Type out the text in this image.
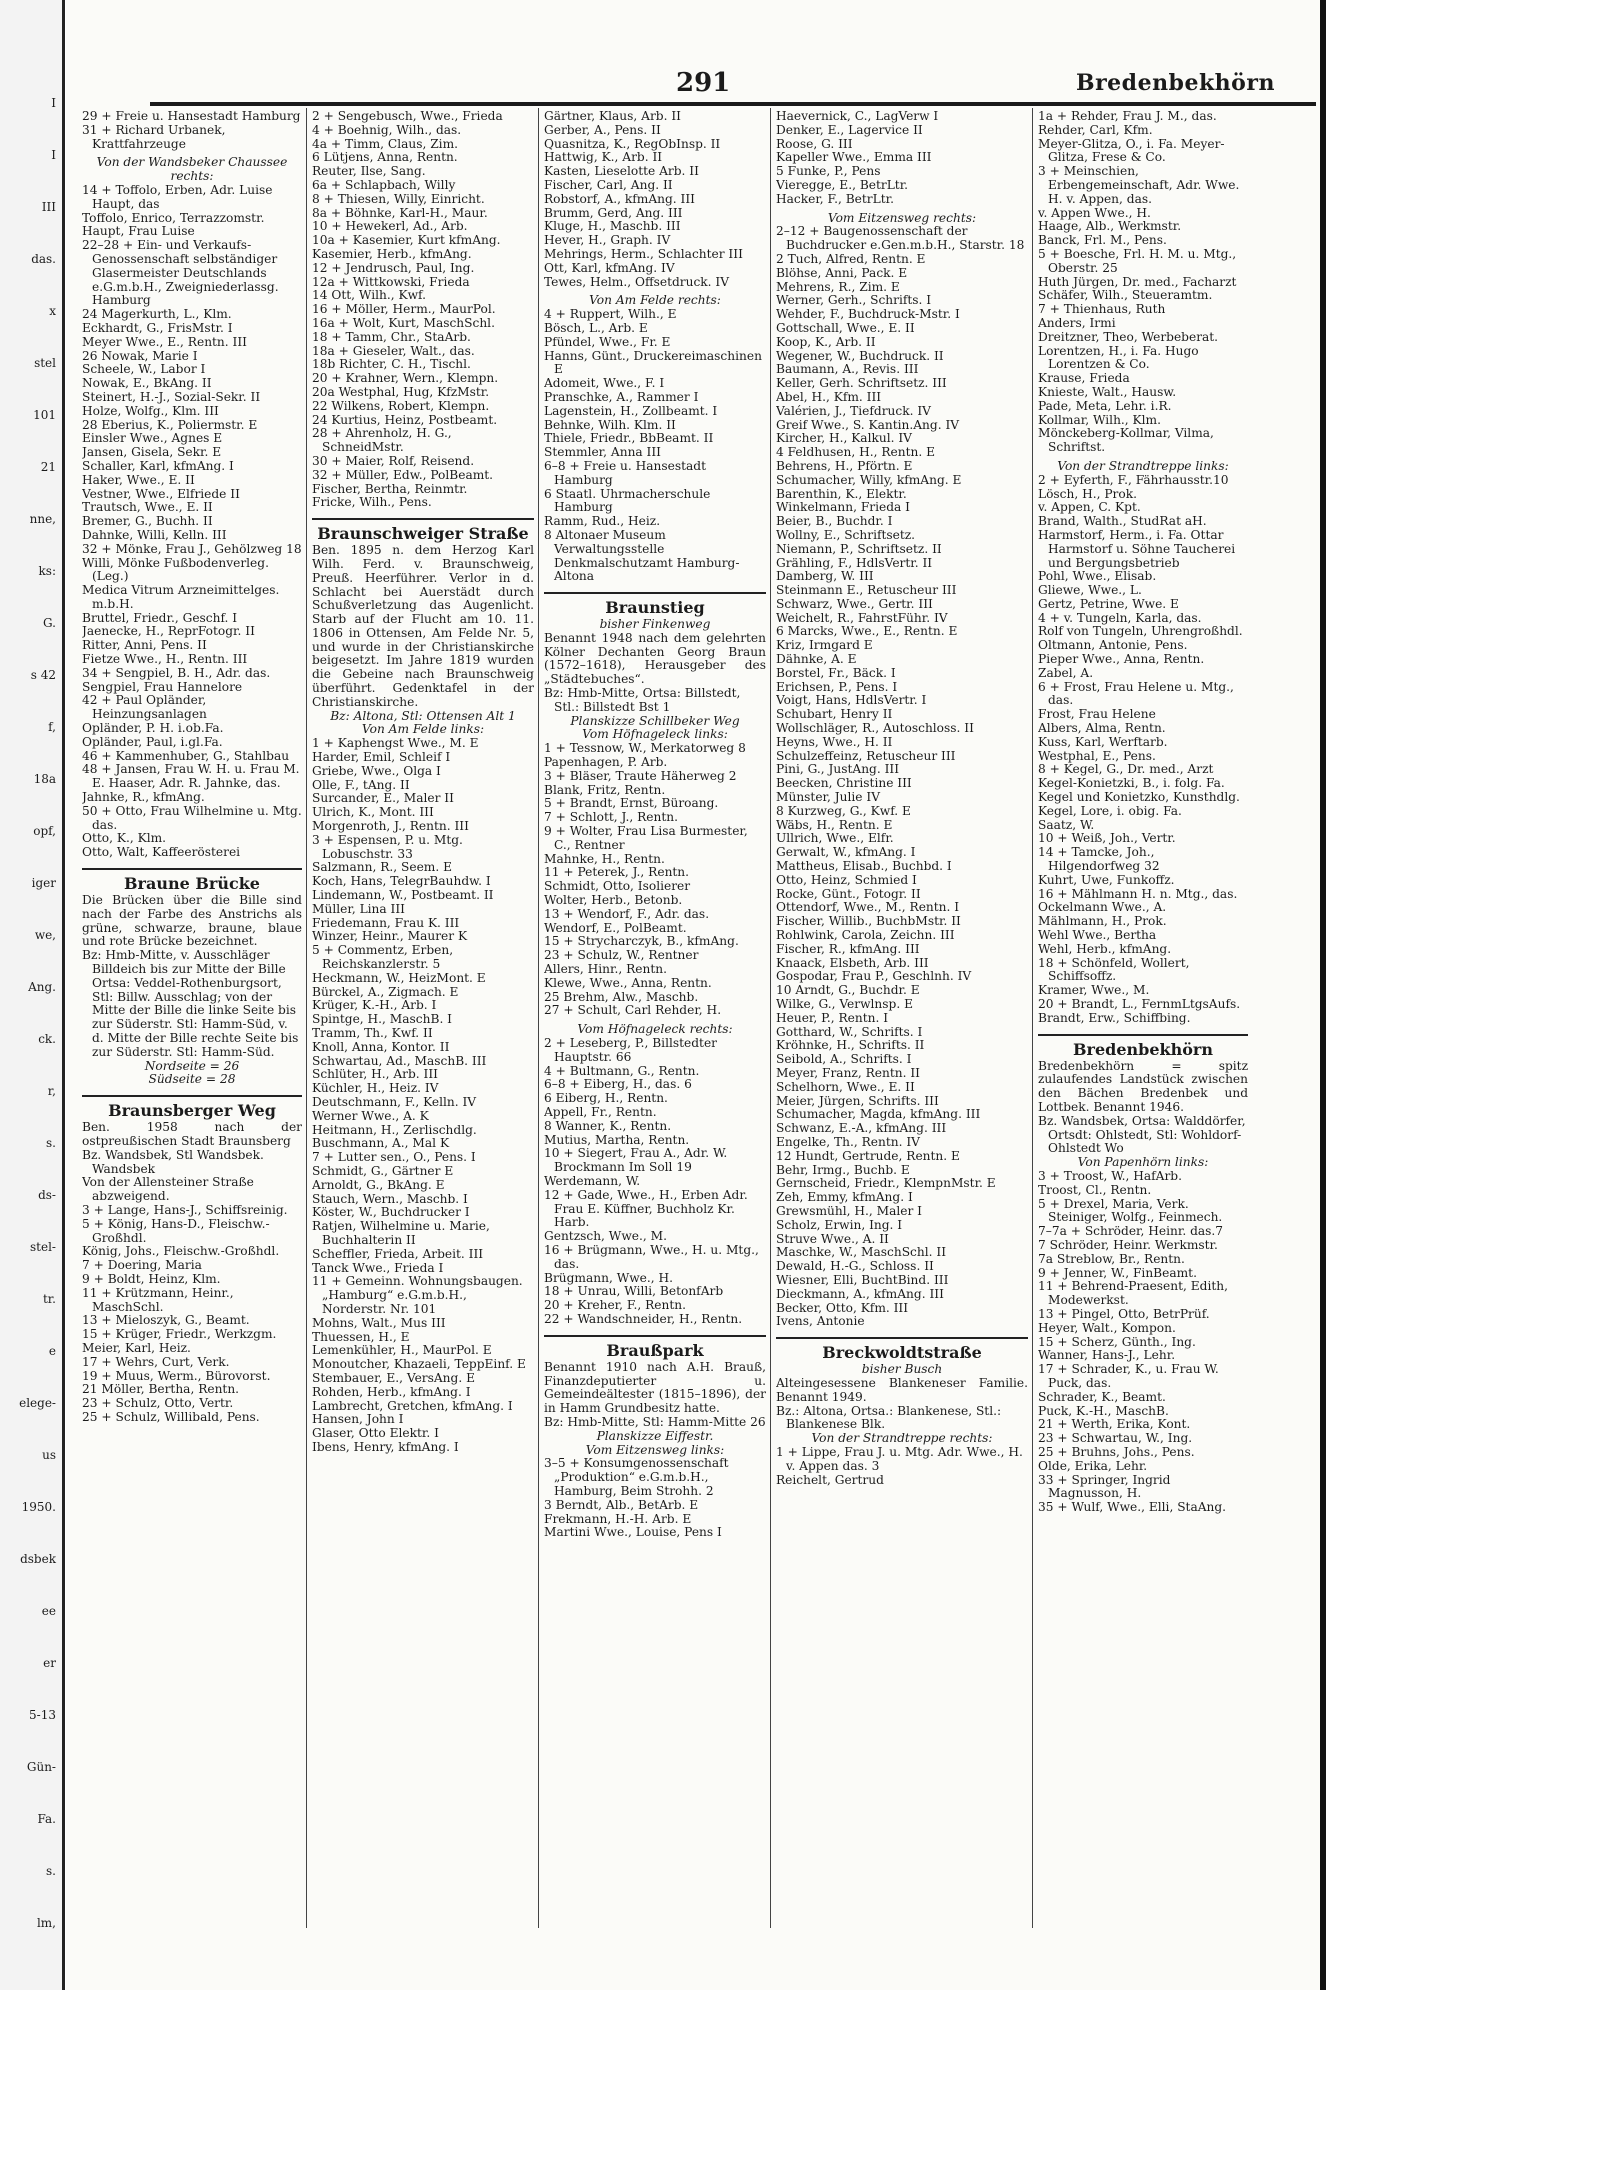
I
I
III
das.
x
stel
101
21
nne,
ks:
G.
s 42
f,
18a
opf,
iger
we,
Ang.
ck.
r,
s.
ds-
stel-
tr.
e
elege-
us
1950.
dsbek
ee
er
5-13
Gün-
Fa.
s.
lm,
291	Bredenbekhörn
29 + Freie u. Hansestadt Hamburg
31 + Richard Urbanek, Krattfahrzeuge
Von der Wandsbeker Chaussee rechts:
14 + Toffolo, Erben, Adr. Luise Haupt, das
Toffolo, Enrico, Terrazzomstr.
Haupt, Frau Luise
22–28 + Ein- und Verkaufs-Genossenschaft selbständiger Glasermeister Deutschlands e.G.m.b.H., Zweigniederlassg. Hamburg
24 Magerkurth, L., Klm.
Eckhardt, G., FrisMstr. I
Meyer Wwe., E., Rentn. III
26 Nowak, Marie I
Scheele, W., Labor I
Nowak, E., BkAng. II
Steinert, H.-J., Sozial-Sekr. II
Holze, Wolfg., Klm. III
28 Eberius, K., Poliermstr. E
Einsler Wwe., Agnes E
Jansen, Gisela, Sekr. E
Schaller, Karl, kfmAng. I
Haker, Wwe., E. II
Vestner, Wwe., Elfriede II
Trautsch, Wwe., E. II
Bremer, G., Buchh. II
Dahnke, Willi, Kelln. III
32 + Mönke, Frau J., Gehölzweg 18
Willi, Mönke Fußbodenverleg. (Leg.)
Medica Vitrum Arzneimittelges. m.b.H.
Bruttel, Friedr., Geschf. I
Jaenecke, H., ReprFotogr. II
Ritter, Anni, Pens. II
Fietze Wwe., H., Rentn. III
34 + Sengpiel, B. H., Adr. das.
Sengpiel, Frau Hannelore
42 + Paul Opländer, Heinzungsanlagen
Opländer, P. H. i.ob.Fa.
Opländer, Paul, i.gl.Fa.
46 + Kammenhuber, G., Stahlbau
48 + Jansen, Frau W. H. u. Frau M. E. Haaser, Adr. R. Jahnke, das.
Jahnke, R., kfmAng.
50 + Otto, Frau Wilhelmine u. Mtg. das.
Otto, K., Klm.
Otto, Walt, Kaffeerösterei
Braune Brücke
Die Brücken über die Bille sind nach der Farbe des Anstrichs als grüne, schwarze, braune, blaue und rote Brücke bezeichnet.
Bz: Hmb-Mitte, v. Ausschläger Billdeich bis zur Mitte der Bille Ortsa: Veddel-Rothenburgsort, Stl: Billw. Ausschlag; von der Mitte der Bille die linke Seite bis zur Süderstr. Stl: Hamm-Süd, v. d. Mitte der Bille rechte Seite bis zur Süderstr. Stl: Hamm-Süd.
Nordseite = 26
Südseite = 28
Braunsberger Weg
Ben. 1958 nach der ostpreußischen Stadt Braunsberg
Bz. Wandsbek, Stl Wandsbek. Wandsbek
Von der Allensteiner Straße abzweigend.
3 + Lange, Hans-J., Schiffsreinig.
5 + König, Hans-D., Fleischw.-Großhdl.
König, Johs., Fleischw.-Großhdl.
7 + Doering, Maria
9 + Boldt, Heinz, Klm.
11 + Krützmann, Heinr., MaschSchl.
13 + Mieloszyk, G., Beamt.
15 + Krüger, Friedr., Werkzgm.
Meier, Karl, Heiz.
17 + Wehrs, Curt, Verk.
19 + Muus, Werm., Bürovorst.
21 Möller, Bertha, Rentn.
23 + Schulz, Otto, Vertr.
25 + Schulz, Willibald, Pens.
2 + Sengebusch, Wwe., Frieda
4 + Boehnig, Wilh., das.
4a + Timm, Claus, Zim.
6 Lütjens, Anna, Rentn.
Reuter, Ilse, Sang.
6a + Schlapbach, Willy
8 + Thiesen, Willy, Einricht.
8a + Böhnke, Karl-H., Maur.
10 + Hewekerl, Ad., Arb.
10a + Kasemier, Kurt kfmAng.
Kasemier, Herb., kfmAng.
12 + Jendrusch, Paul, Ing.
12a + Wittkowski, Frieda
14 Ott, Wilh., Kwf.
16 + Möller, Herm., MaurPol.
16a + Wolt, Kurt, MaschSchl.
18 + Tamm, Chr., StaArb.
18a + Gieseler, Walt., das.
18b Richter, C. H., Tischl.
20 + Krahner, Wern., Klempn.
20a Westphal, Hug, KfzMstr.
22 Wilkens, Robert, Klempn.
24 Kurtius, Heinz, Postbeamt.
28 + Ahrenholz, H. G., SchneidMstr.
30 + Maier, Rolf, Reisend.
32 + Müller, Edw., PolBeamt.
Fischer, Bertha, Reinmtr.
Fricke, Wilh., Pens.
Braunschweiger Straße
Ben. 1895 n. dem Herzog Karl Wilh. Ferd. v. Braunschweig, Preuß. Heerführer. Verlor in d. Schlacht bei Auerstädt durch Schußverletzung das Augenlicht. Starb auf der Flucht am 10. 11. 1806 in Ottensen, Am Felde Nr. 5, und wurde in der Christianskirche beigesetzt. Im Jahre 1819 wurden die Gebeine nach Braunschweig überführt. Gedenktafel in der Christianskirche.
Bz: Altona, Stl: Ottensen Alt 1
Von Am Felde links:
1 + Kaphengst Wwe., M. E
Harder, Emil, Schleif I
Griebe, Wwe., Olga I
Olle, F., tAng. II
Surcander, E., Maler II
Ulrich, K., Mont. III
Morgenroth, J., Rentn. III
3 + Espensen, P. u. Mtg. Lobuschstr. 33
Salzmann, R., Seem. E
Koch, Hans, TelegrBauhdw. I
Lindemann, W., Postbeamt. II
Müller, Lina III
Friedemann, Frau K. III
Winzer, Heinr., Maurer K
5 + Commentz, Erben, Reichskanzlerstr. 5
Heckmann, W., HeizMont. E
Bürckel, A., Zigmach. E
Krüger, K.-H., Arb. I
Spintge, H., MaschB. I
Tramm, Th., Kwf. II
Knoll, Anna, Kontor. II
Schwartau, Ad., MaschB. III
Schlüter, H., Arb. III
Küchler, H., Heiz. IV
Deutschmann, F., Kelln. IV
Werner Wwe., A. K
Heitmann, H., Zerlischdlg.
Buschmann, A., Mal K
7 + Lutter sen., O., Pens. I
Schmidt, G., Gärtner E
Arnoldt, G., BkAng. E
Stauch, Wern., Maschb. I
Köster, W., Buchdrucker I
Ratjen, Wilhelmine u. Marie, Buchhalterin II
Scheffler, Frieda, Arbeit. III
Tanck Wwe., Frieda I
11 + Gemeinn. Wohnungsbaugen. „Hamburg“ e.G.m.b.H., Norderstr. Nr. 101
Mohns, Walt., Mus III
Thuessen, H., E
Lemenkühler, H., MaurPol. E
Monoutcher, Khazaeli, TeppEinf. E
Stembauer, E., VersAng. E
Rohden, Herb., kfmAng. I
Lambrecht, Gretchen, kfmAng. I
Hansen, John I
Glaser, Otto Elektr. I
Ibens, Henry, kfmAng. I
Gärtner, Klaus, Arb. II
Gerber, A., Pens. II
Quasnitza, K., RegObInsp. II
Hattwig, K., Arb. II
Kasten, Lieselotte Arb. II
Fischer, Carl, Ang. II
Robstorf, A., kfmAng. III
Brumm, Gerd, Ang. III
Kluge, H., Maschb. III
Hever, H., Graph. IV
Mehrings, Herm., Schlachter III
Ott, Karl, kfmAng. IV
Tewes, Helm., Offsetdruck. IV
Von Am Felde rechts:
4 + Ruppert, Wilh., E
Bösch, L., Arb. E
Pfündel, Wwe., Fr. E
Hanns, Günt., Druckereimaschinen E
Adomeit, Wwe., F. I
Pranschke, A., Rammer I
Lagenstein, H., Zollbeamt. I
Behnke, Wilh. Klm. II
Thiele, Friedr., BbBeamt. II
Stemmler, Anna III
6–8 + Freie u. Hansestadt Hamburg
6 Staatl. Uhrmacherschule Hamburg
Ramm, Rud., Heiz.
8 Altonaer Museum Verwaltungsstelle Denkmalschutzamt Hamburg-Altona
Braunstieg
bisher Finkenweg
Benannt 1948 nach dem gelehrten Kölner Dechanten Georg Braun (1572–1618), Herausgeber des „Städtebuches“.
Bz: Hmb-Mitte, Ortsa: Billstedt, Stl.: Billstedt Bst 1
Planskizze Schillbeker Weg
Vom Höfnageleck links:
1 + Tessnow, W., Merkatorweg 8
Papenhagen, P. Arb.
3 + Bläser, Traute Häherweg 2
Blank, Fritz, Rentn.
5 + Brandt, Ernst, Büroang.
7 + Schlott, J., Rentn.
9 + Wolter, Frau Lisa Burmester, C., Rentner
Mahnke, H., Rentn.
11 + Peterek, J., Rentn.
Schmidt, Otto, Isolierer
Wolter, Herb., Betonb.
13 + Wendorf, F., Adr. das.
Wendorf, E., PolBeamt.
15 + Strycharczyk, B., kfmAng.
23 + Schulz, W., Rentner
Allers, Hinr., Rentn.
Klewe, Wwe., Anna, Rentn.
25 Brehm, Alw., Maschb.
27 + Schult, Carl Rehder, H.
Vom Höfnageleck rechts:
2 + Leseberg, P., Billstedter Hauptstr. 66
4 + Bultmann, G., Rentn.
6–8 + Eiberg, H., das. 6
6 Eiberg, H., Rentn.
Appell, Fr., Rentn.
8 Wanner, K., Rentn.
Mutius, Martha, Rentn.
10 + Siegert, Frau A., Adr. W. Brockmann Im Soll 19
Werdemann, W.
12 + Gade, Wwe., H., Erben Adr. Frau E. Küffner, Buchholz Kr. Harb.
Gentzsch, Wwe., M.
16 + Brügmann, Wwe., H. u. Mtg., das.
Brügmann, Wwe., H.
18 + Unrau, Willi, BetonfArb
20 + Kreher, F., Rentn.
22 + Wandschneider, H., Rentn.
Braußpark
Benannt 1910 nach A.H. Brauß, Finanzdeputierter u. Gemeindeältester (1815–1896), der in Hamm Grundbesitz hatte.
Bz: Hmb-Mitte, Stl: Hamm-Mitte 26
Planskizze Eiffestr.
Vom Eitzensweg links:
3–5 + Konsumgenossenschaft „Produktion“ e.G.m.b.H., Hamburg, Beim Strohh. 2
3 Berndt, Alb., BetArb. E
Frekmann, H.-H. Arb. E
Martini Wwe., Louise, Pens I
Haevernick, C., LagVerw I
Denker, E., Lagervice II
Roose, G. III
Kapeller Wwe., Emma III
5 Funke, P., Pens
Vieregge, E., BetrLtr.
Hacker, F., BetrLtr.
Vom Eitzensweg rechts:
2–12 + Baugenossenschaft der Buchdrucker e.Gen.m.b.H., Starstr. 18
2 Tuch, Alfred, Rentn. E
Blöhse, Anni, Pack. E
Mehrens, R., Zim. E
Werner, Gerh., Schrifts. I
Wehder, F., Buchdruck-Mstr. I
Gottschall, Wwe., E. II
Koop, K., Arb. II
Wegener, W., Buchdruck. II
Baumann, A., Revis. III
Keller, Gerh. Schriftsetz. III
Abel, H., Kfm. III
Valérien, J., Tiefdruck. IV
Greif Wwe., S. Kantin.Ang. IV
Kircher, H., Kalkul. IV
4 Feldhusen, H., Rentn. E
Behrens, H., Pförtn. E
Schumacher, Willy, kfmAng. E
Barenthin, K., Elektr.
Winkelmann, Frieda I
Beier, B., Buchdr. I
Wollny, E., Schriftsetz.
Niemann, P., Schriftsetz. II
Grähling, F., HdlsVertr. II
Damberg, W. III
Steinmann E., Retuscheur III
Schwarz, Wwe., Gertr. III
Weichelt, R., FahrstFühr. IV
6 Marcks, Wwe., E., Rentn. E
Kriz, Irmgard E
Dähnke, A. E
Borstel, Fr., Bäck. I
Erichsen, P., Pens. I
Voigt, Hans, HdlsVertr. I
Schubart, Henry II
Wollschläger, R., Autoschloss. II
Heyns, Wwe., H. II
Schulzeffeinz, Retuscheur III
Pini, G., JustAng. III
Beecken, Christine III
Münster, Julie IV
8 Kurzweg, G., Kwf. E
Wäbs, H., Rentn. E
Ullrich, Wwe., Elfr.
Gerwalt, W., kfmAng. I
Mattheus, Elisab., Buchbd. I
Otto, Heinz, Schmied I
Rocke, Günt., Fotogr. II
Ottendorf, Wwe., M., Rentn. I
Fischer, Willib., BuchbMstr. II
Rohlwink, Carola, Zeichn. III
Fischer, R., kfmAng. III
Knaack, Elsbeth, Arb. III
Gospodar, Frau P., Geschlnh. IV
10 Arndt, G., Buchdr. E
Wilke, G., Verwlnsp. E
Heuer, P., Rentn. I
Gotthard, W., Schrifts. I
Kröhnke, H., Schrifts. II
Seibold, A., Schrifts. I
Meyer, Franz, Rentn. II
Schelhorn, Wwe., E. II
Meier, Jürgen, Schrifts. III
Schumacher, Magda, kfmAng. III
Schwanz, E.-A., kfmAng. III
Engelke, Th., Rentn. IV
12 Hundt, Gertrude, Rentn. E
Behr, Irmg., Buchb. E
Gernscheid, Friedr., KlempnMstr. E
Zeh, Emmy, kfmAng. I
Grewsmühl, H., Maler I
Scholz, Erwin, Ing. I
Struve Wwe., A. II
Maschke, W., MaschSchl. II
Dewald, H.-G., Schloss. II
Wiesner, Elli, BuchtBind. III
Dieckmann, A., kfmAng. III
Becker, Otto, Kfm. III
Ivens, Antonie
Breckwoldtstraße
bisher Busch
Alteingesessene Blankeneser Familie. Benannt 1949.
Bz.: Altona, Ortsa.: Blankenese, Stl.: Blankenese Blk.
Von der Strandtreppe rechts:
1 + Lippe, Frau J. u. Mtg. Adr. Wwe., H. v. Appen das. 3
Reichelt, Gertrud
1a + Rehder, Frau J. M., das.
Rehder, Carl, Kfm.
Meyer-Glitza, O., i. Fa. Meyer-Glitza, Frese & Co.
3 + Meinschien, Erbengemeinschaft, Adr. Wwe. H. v. Appen, das.
v. Appen Wwe., H.
Haage, Alb., Werkmstr.
Banck, Frl. M., Pens.
5 + Boesche, Frl. H. M. u. Mtg., Oberstr. 25
Huth Jürgen, Dr. med., Facharzt
Schäfer, Wilh., Steueramtm.
7 + Thienhaus, Ruth
Anders, Irmi
Dreitzner, Theo, Werbeberat.
Lorentzen, H., i. Fa. Hugo Lorentzen & Co.
Krause, Frieda
Knieste, Walt., Hausw.
Pade, Meta, Lehr. i.R.
Kollmar, Wilh., Klm.
Mönckeberg-Kollmar, Vilma, Schriftst.
Von der Strandtreppe links:
2 + Eyferth, F., Fährhausstr.10
Lösch, H., Prok.
v. Appen, C. Kpt.
Brand, Walth., StudRat aH.
Harmstorf, Herm., i. Fa. Ottar Harmstorf u. Söhne Taucherei und Bergungsbetrieb
Pohl, Wwe., Elisab.
Gliewe, Wwe., L.
Gertz, Petrine, Wwe. E
4 + v. Tungeln, Karla, das.
Rolf von Tungeln, Uhrengroßhdl.
Oltmann, Antonie, Pens.
Pieper Wwe., Anna, Rentn.
Zabel, A.
6 + Frost, Frau Helene u. Mtg., das.
Frost, Frau Helene
Albers, Alma, Rentn.
Kuss, Karl, Werftarb.
Westphal, E., Pens.
8 + Kegel, G., Dr. med., Arzt
Kegel-Konietzki, B., i. folg. Fa.
Kegel und Konietzko, Kunsthdlg.
Kegel, Lore, i. obig. Fa.
Saatz, W.
10 + Weiß, Joh., Vertr.
14 + Tamcke, Joh., Hilgendorfweg 32
Kuhrt, Uwe, Funkoffz.
16 + Mählmann H. n. Mtg., das.
Ockelmann Wwe., A.
Mählmann, H., Prok.
Wehl Wwe., Bertha
Wehl, Herb., kfmAng.
18 + Schönfeld, Wollert, Schiffsoffz.
Kramer, Wwe., M.
20 + Brandt, L., FernmLtgsAufs.
Brandt, Erw., Schiffbing.
Bredenbekhörn
Bredenbekhörn = spitz zulaufendes Landstück zwischen den Bächen Bredenbek und Lottbek. Benannt 1946.
Bz. Wandsbek, Ortsa: Walddörfer, Ortsdt: Ohlstedt, Stl: Wohldorf-Ohlstedt Wo
Von Papenhörn links:
3 + Troost, W., HafArb.
Troost, Cl., Rentn.
5 + Drexel, Maria, Verk. Steiniger, Wolfg., Feinmech.
7–7a + Schröder, Heinr. das.7
7 Schröder, Heinr. Werkmstr.
7a Streblow, Br., Rentn.
9 + Jenner, W., FinBeamt.
11 + Behrend-Praesent, Edith, Modewerkst.
13 + Pingel, Otto, BetrPrüf.
Heyer, Walt., Kompon.
15 + Scherz, Günth., Ing.
Wanner, Hans-J., Lehr.
17 + Schrader, K., u. Frau W. Puck, das.
Schrader, K., Beamt.
Puck, K.-H., MaschB.
21 + Werth, Erika, Kont.
23 + Schwartau, W., Ing.
25 + Bruhns, Johs., Pens.
Olde, Erika, Lehr.
33 + Springer, Ingrid Magnusson, H.
35 + Wulf, Wwe., Elli, StaAng.
